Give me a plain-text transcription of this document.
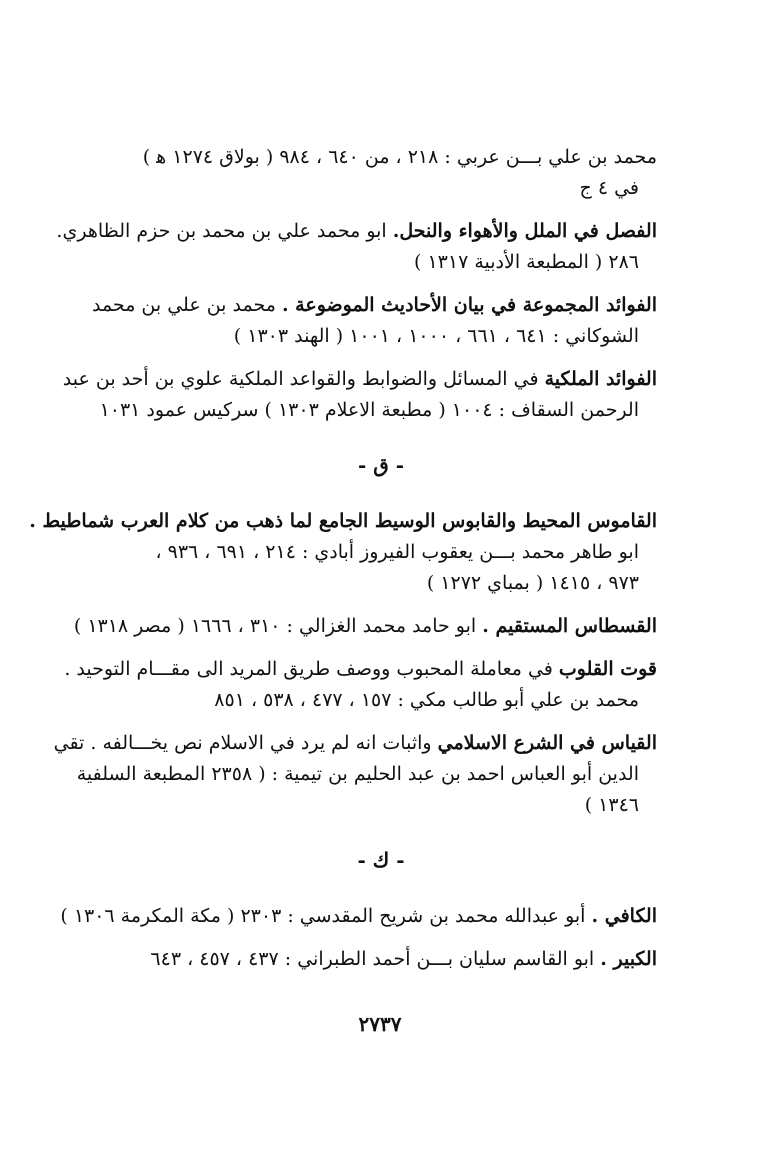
محمد بن علي بـــن عربي : ٢١٨ ، من ٦٤٠ ، ٩٨٤ ( بولاق ١٢٧٤ ﻫ )
في ٤ ج
الفصل في الملل والأهواء والنحل. ابو محمد علي بن محمد بن حزم الظاهري.
٢٨٦ ( المطبعة الأدبية ١٣١٧ )
الفوائد المجموعة في بيان الأحاديث الموضوعة . محمد بن علي بن محمد
الشوكاني : ٦٤١ ، ٦٦١ ، ١٠٠٠ ، ١٠٠١ ( الهند ١٣٠٣ )
الفوائد الملكية في المسائل والضوابط والقواعد الملكية علوي بن أحد بن عبد
الرحمن السقاف : ١٠٠٤ ( مطبعة الاعلام ١٣٠٣ ) سركيس عمود ١٠٣١
- ق -
القاموس المحيط والقابوس الوسيط الجامع لما ذهب من كلام العرب شماطيط .
ابو طاهر محمد بـــن يعقوب الفيروز أبادي : ٢١٤ ، ٦٩١ ، ٩٣٦ ،
٩٧٣ ، ١٤١٥ ( بمباي ١٢٧٢ )
القسطاس المستقيم . ابو حامد محمد الغزالي : ٣١٠ ، ١٦٦٦ ( مصر ١٣١٨ )
قوت القلوب في معاملة المحبوب ووصف طريق المريد الى مقـــام التوحيد .
محمد بن علي أبو طالب مكي : ١٥٧ ، ٤٧٧ ، ٥٣٨ ، ٨٥١
القياس في الشرع الاسلامي واثبات انه لم يرد في الاسلام نص يخـــالفه . تقي
الدين أبو العباس احمد بن عبد الحليم بن تيمية : ( ٢٣٥٨ المطبعة السلفية
١٣٤٦ )
- ك -
الكافي . أبو عبدالله محمد بن شريح المقدسي : ٢٣٠٣ ( مكة المكرمة ١٣٠٦ )
الكبير . ابو القاسم سليان بـــن أحمد الطبراني : ٤٣٧ ، ٤٥٧ ، ٦٤٣
٢٧٣٧
